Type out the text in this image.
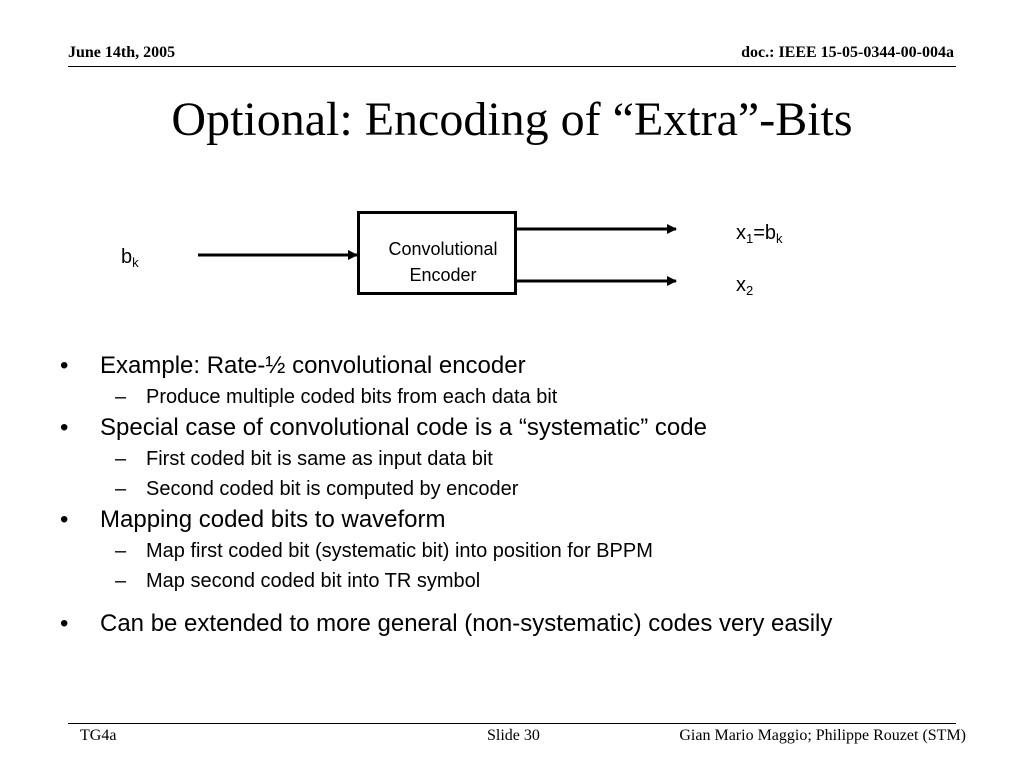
June 14th, 2005	doc.: IEEE 15-05-0344-00-004a
Optional: Encoding of “Extra”-Bits
Convolutional
Encoder
$b_k$
$x_1=b_k$
$x_2$

• Example: Rate-½ convolutional encoder

– Produce multiple coded bits from each data bit

• Special case of convolutional code is a “systematic” code

– First coded bit is same as input data bit

– Second coded bit is computed by encoder

• Mapping coded bits to waveform

– Map first coded bit (systematic bit) into position for BPPM

– Map second coded bit into TR symbol

• Can be extended to more general (non-systematic) codes very easily

TG4a	Slide 30	Gian Mario Maggio; Philippe Rouzet (STM)
